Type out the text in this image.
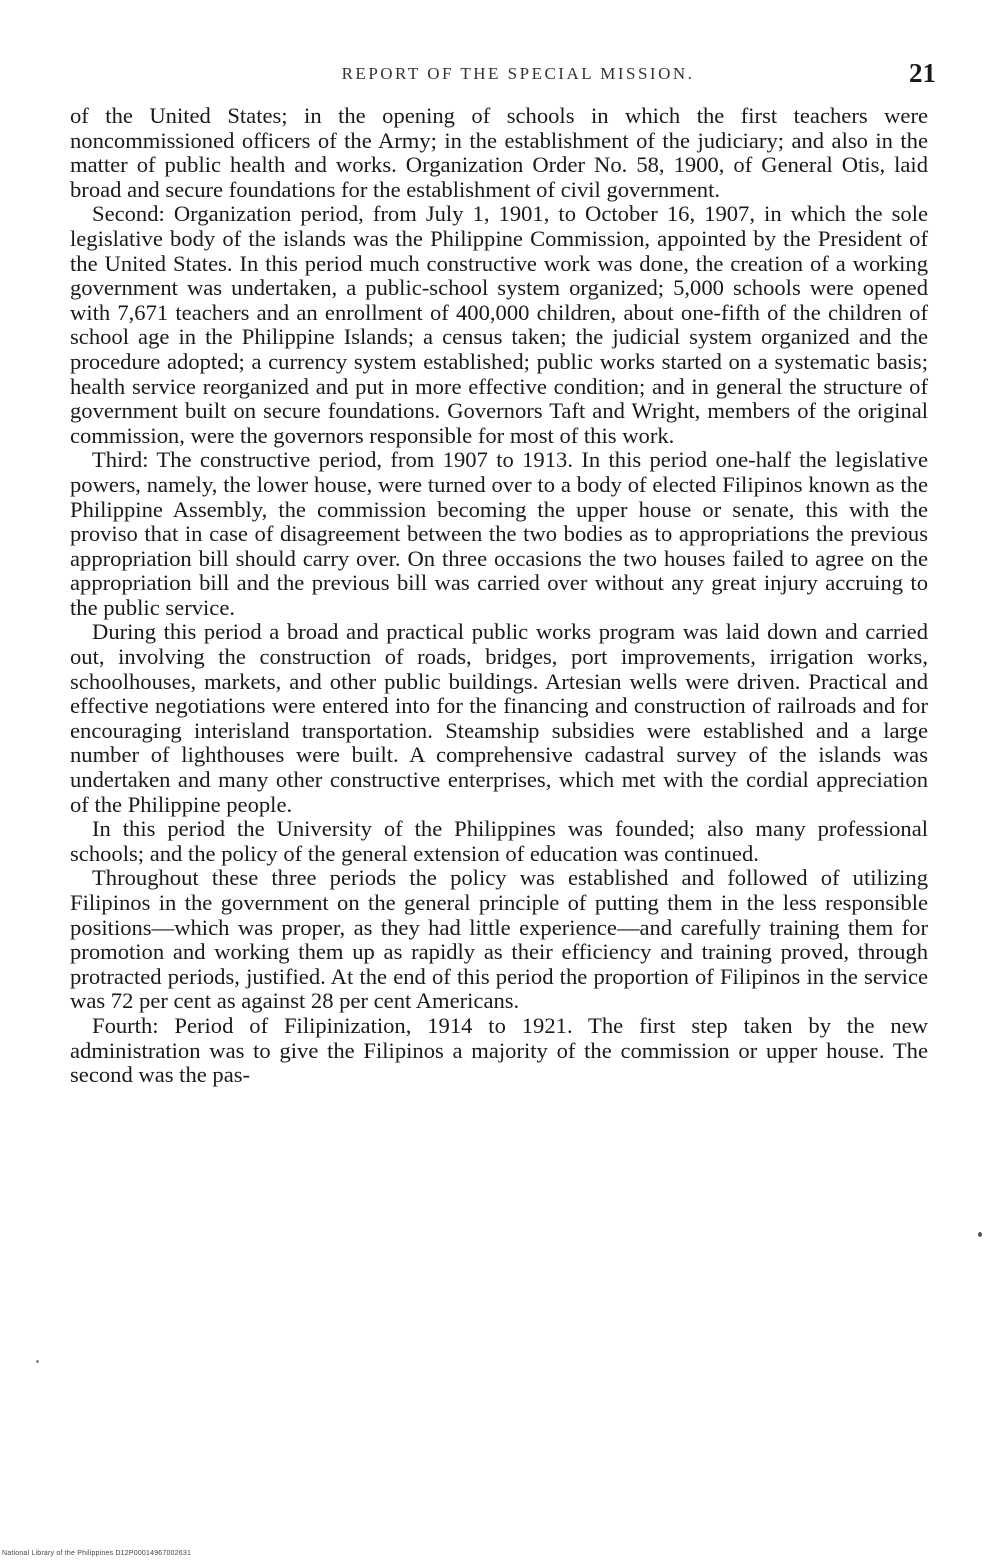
REPORT OF THE SPECIAL MISSION.	21

of the United States; in the opening of schools in which the first teachers were noncommissioned officers of the Army; in the establishment of the judiciary; and also in the matter of public health and works. Organization Order No. 58, 1900, of General Otis, laid broad and secure foundations for the establishment of civil government.

Second: Organization period, from July 1, 1901, to October 16, 1907, in which the sole legislative body of the islands was the Philippine Commission, appointed by the President of the United States. In this period much constructive work was done, the creation of a working government was undertaken, a public-school system organized; 5,000 schools were opened with 7,671 teachers and an enrollment of 400,000 children, about one-fifth of the children of school age in the Philippine Islands; a census taken; the judicial system organized and the procedure adopted; a currency system established; public works started on a systematic basis; health service reorganized and put in more effective condition; and in general the structure of government built on secure foundations. Governors Taft and Wright, members of the original commission, were the governors responsible for most of this work.

Third: The constructive period, from 1907 to 1913. In this period one-half the legislative powers, namely, the lower house, were turned over to a body of elected Filipinos known as the Philippine Assembly, the commission becoming the upper house or senate, this with the proviso that in case of disagreement between the two bodies as to appropriations the previous appropriation bill should carry over. On three occasions the two houses failed to agree on the appropriation bill and the previous bill was carried over without any great injury accruing to the public service.

During this period a broad and practical public works program was laid down and carried out, involving the construction of roads, bridges, port improvements, irrigation works, schoolhouses, markets, and other public buildings. Artesian wells were driven. Practical and effective negotiations were entered into for the financing and construction of railroads and for encouraging interisland transportation. Steamship subsidies were established and a large number of lighthouses were built. A comprehensive cadastral survey of the islands was undertaken and many other constructive enterprises, which met with the cordial appreciation of the Philippine people.

In this period the University of the Philippines was founded; also many professional schools; and the policy of the general extension of education was continued.

Throughout these three periods the policy was established and followed of utilizing Filipinos in the government on the general principle of putting them in the less responsible positions—which was proper, as they had little experience—and carefully training them for promotion and working them up as rapidly as their efficiency and training proved, through protracted periods, justified. At the end of this period the proportion of Filipinos in the service was 72 per cent as against 28 per cent Americans.

Fourth: Period of Filipinization, 1914 to 1921. The first step taken by the new administration was to give the Filipinos a majority of the commission or upper house. The second was the pas-

National Library of the Philippines D12P00014967002631
